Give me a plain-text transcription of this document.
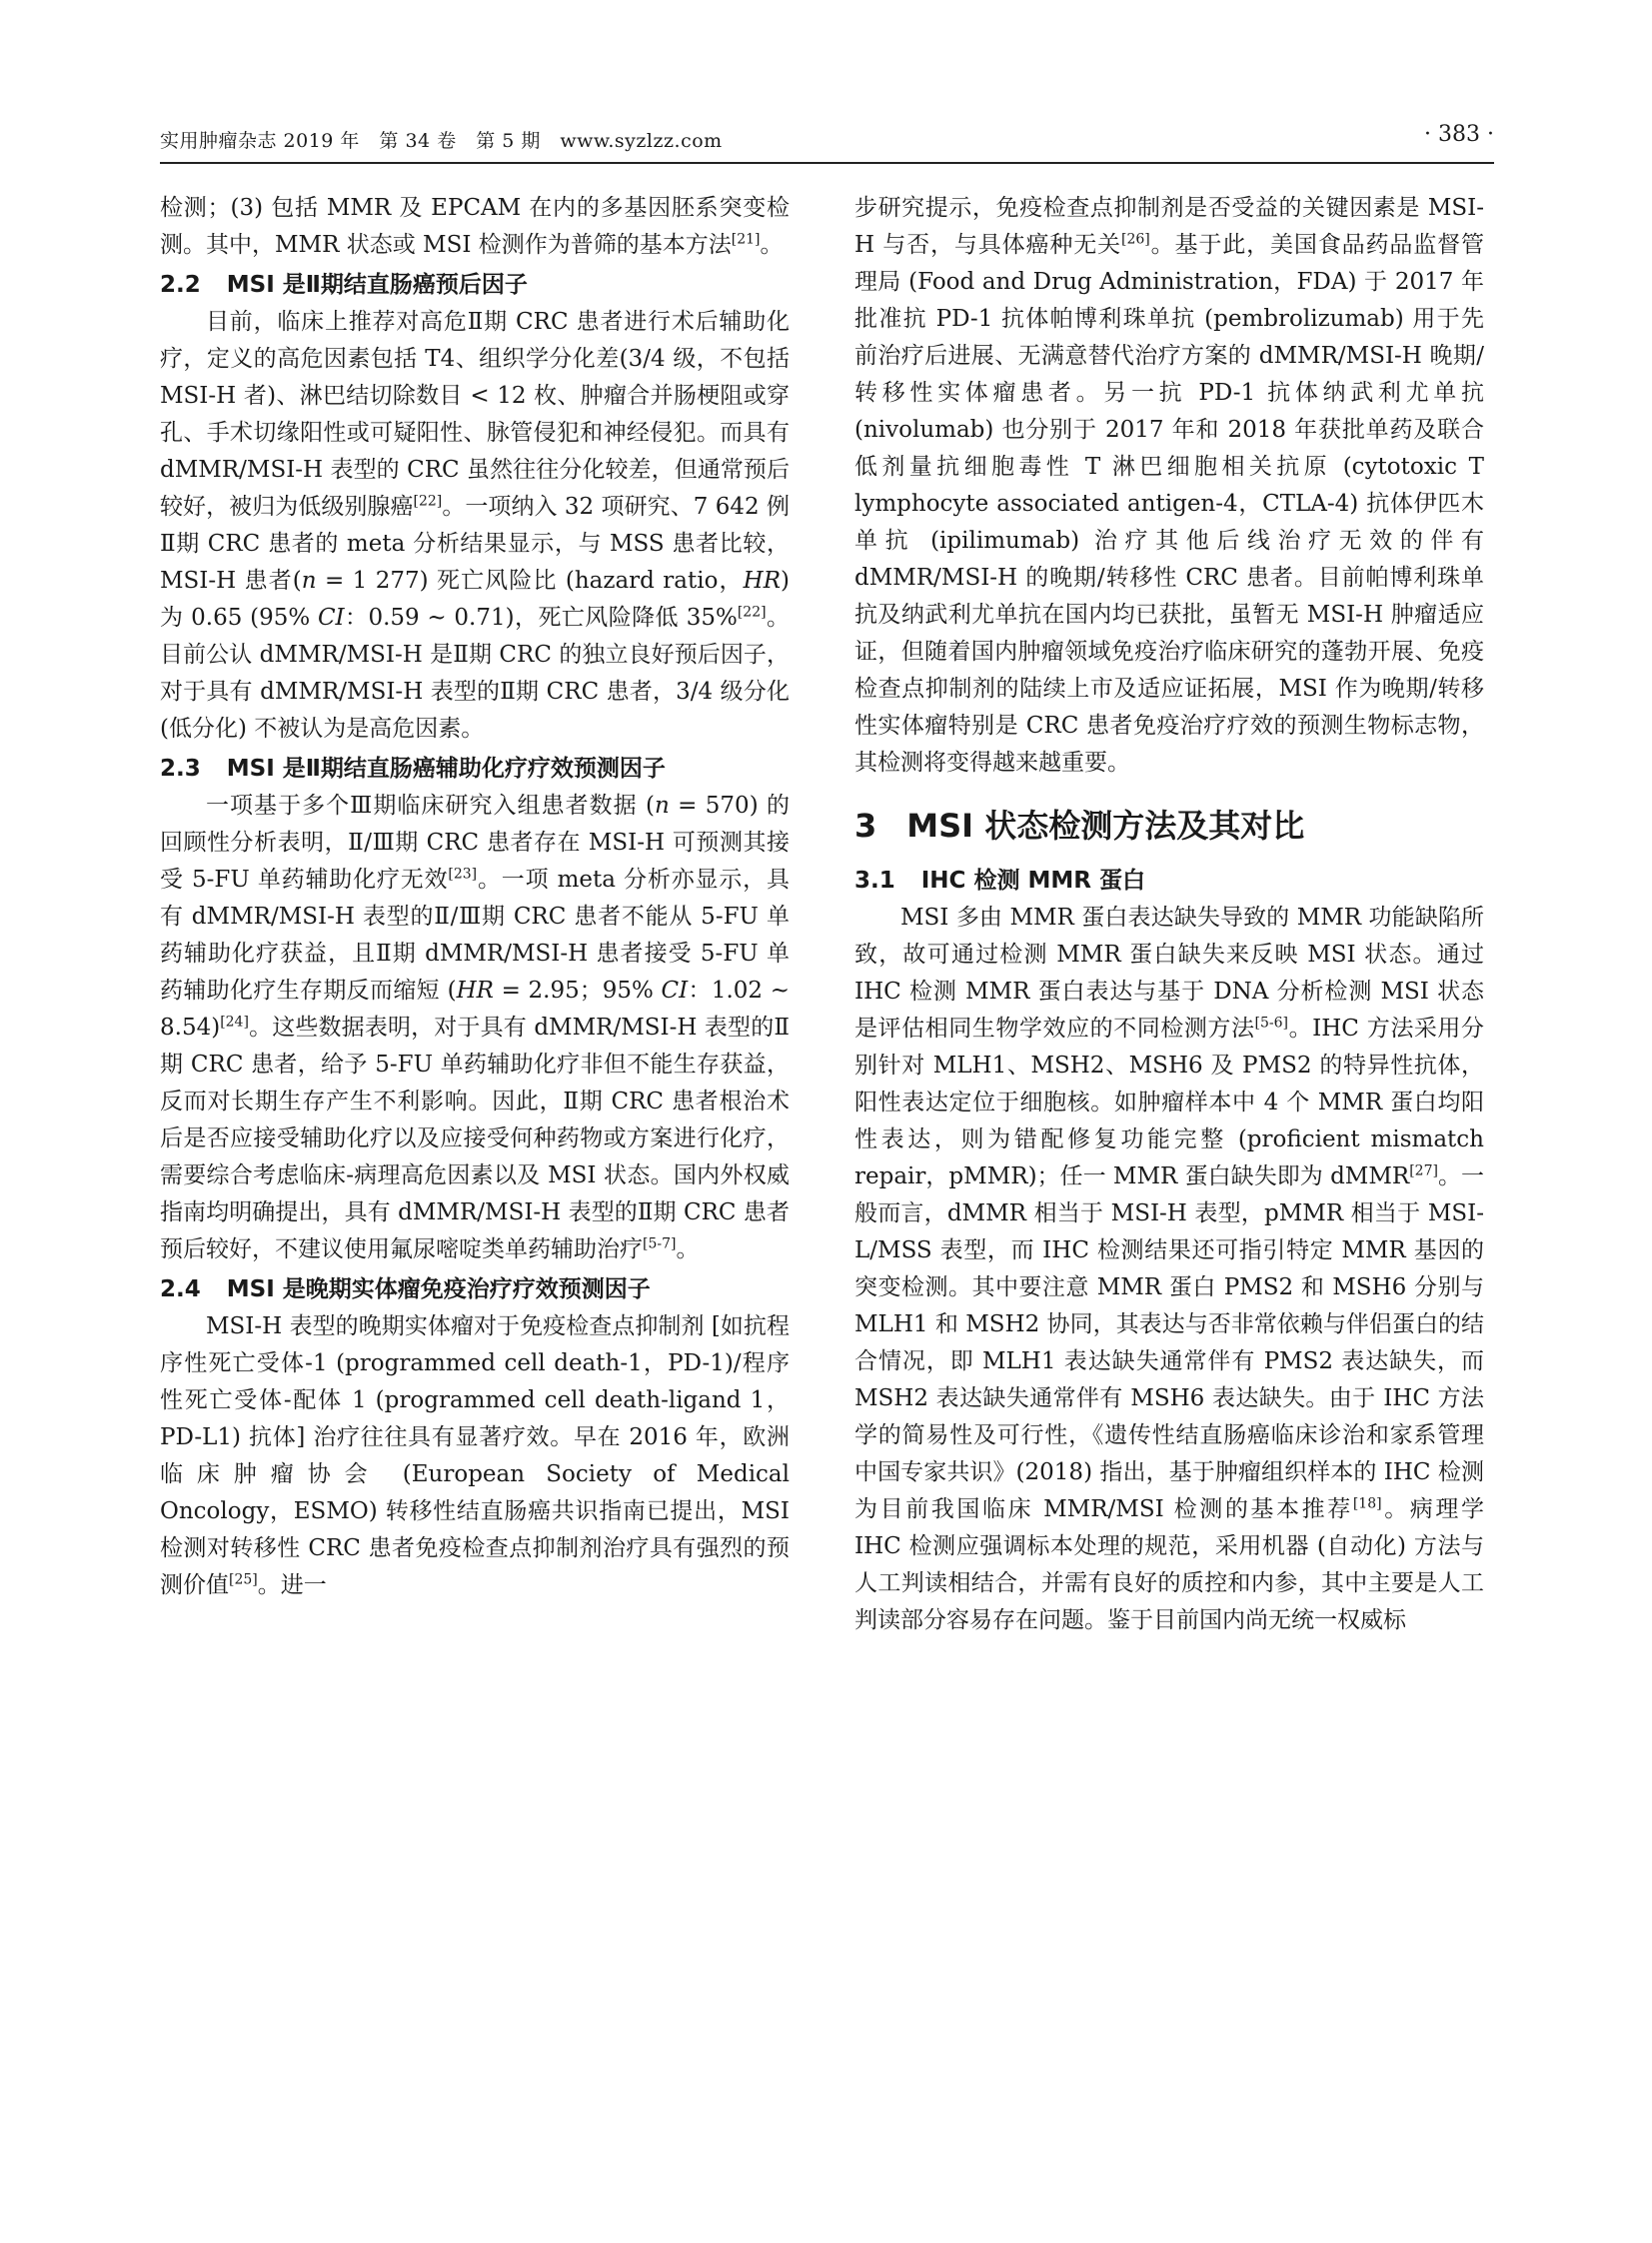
实用肿瘤杂志 2019 年　第 34 卷　第 5 期　www.syzlzz.com	· 383 ·

检测；(3) 包括 MMR 及 EPCAM 在内的多基因胚系突变检测。其中，MMR 状态或 MSI 检测作为普筛的基本方法[21]。

2.2 MSI 是Ⅱ期结直肠癌预后因子

目前，临床上推荐对高危Ⅱ期 CRC 患者进行术后辅助化疗，定义的高危因素包括 T4、组织学分化差(3/4 级，不包括 MSI-H 者)、淋巴结切除数目 < 12 枚、肿瘤合并肠梗阻或穿孔、手术切缘阳性或可疑阳性、脉管侵犯和神经侵犯。而具有 dMMR/MSI-H 表型的 CRC 虽然往往分化较差，但通常预后较好，被归为低级别腺癌[22]。一项纳入 32 项研究、7 642 例Ⅱ期 CRC 患者的 meta 分析结果显示，与 MSS 患者比较，MSI-H 患者(n = 1 277) 死亡风险比 (hazard ratio，HR) 为 0.65 (95% CI：0.59 ~ 0.71)，死亡风险降低 35%[22]。目前公认 dMMR/MSI-H 是Ⅱ期 CRC 的独立良好预后因子，对于具有 dMMR/MSI-H 表型的Ⅱ期 CRC 患者，3/4 级分化 (低分化) 不被认为是高危因素。

2.3 MSI 是Ⅱ期结直肠癌辅助化疗疗效预测因子

一项基于多个Ⅲ期临床研究入组患者数据 (n = 570) 的回顾性分析表明，Ⅱ/Ⅲ期 CRC 患者存在 MSI-H 可预测其接受 5-FU 单药辅助化疗无效[23]。一项 meta 分析亦显示，具有 dMMR/MSI-H 表型的Ⅱ/Ⅲ期 CRC 患者不能从 5-FU 单药辅助化疗获益，且Ⅱ期 dMMR/MSI-H 患者接受 5-FU 单药辅助化疗生存期反而缩短 (HR = 2.95；95% CI：1.02 ~ 8.54)[24]。这些数据表明，对于具有 dMMR/MSI-H 表型的Ⅱ期 CRC 患者，给予 5-FU 单药辅助化疗非但不能生存获益，反而对长期生存产生不利影响。因此，Ⅱ期 CRC 患者根治术后是否应接受辅助化疗以及应接受何种药物或方案进行化疗，需要综合考虑临床-病理高危因素以及 MSI 状态。国内外权威指南均明确提出，具有 dMMR/MSI-H 表型的Ⅱ期 CRC 患者预后较好，不建议使用氟尿嘧啶类单药辅助治疗[5-7]。

2.4 MSI 是晚期实体瘤免疫治疗疗效预测因子

MSI-H 表型的晚期实体瘤对于免疫检查点抑制剂 [如抗程序性死亡受体-1 (programmed cell death-1，PD-1)/程序性死亡受体-配体 1 (programmed cell death-ligand 1，PD-L1) 抗体] 治疗往往具有显著疗效。早在 2016 年，欧洲临床肿瘤协会 (European Society of Medical Oncology，ESMO) 转移性结直肠癌共识指南已提出，MSI 检测对转移性 CRC 患者免疫检查点抑制剂治疗具有强烈的预测价值[25]。进一

步研究提示，免疫检查点抑制剂是否受益的关键因素是 MSI-H 与否，与具体癌种无关[26]。基于此，美国食品药品监督管理局 (Food and Drug Administration，FDA) 于 2017 年批准抗 PD-1 抗体帕博利珠单抗 (pembrolizumab) 用于先前治疗后进展、无满意替代治疗方案的 dMMR/MSI-H 晚期/转移性实体瘤患者。另一抗 PD-1 抗体纳武利尤单抗 (nivolumab) 也分别于 2017 年和 2018 年获批单药及联合低剂量抗细胞毒性 T 淋巴细胞相关抗原 (cytotoxic T lymphocyte associated antigen-4，CTLA-4) 抗体伊匹木单抗 (ipilimumab) 治疗其他后线治疗无效的伴有 dMMR/MSI-H 的晚期/转移性 CRC 患者。目前帕博利珠单抗及纳武利尤单抗在国内均已获批，虽暂无 MSI-H 肿瘤适应证，但随着国内肿瘤领域免疫治疗临床研究的蓬勃开展、免疫检查点抑制剂的陆续上市及适应证拓展，MSI 作为晚期/转移性实体瘤特别是 CRC 患者免疫治疗疗效的预测生物标志物，其检测将变得越来越重要。

3 MSI 状态检测方法及其对比
3.1 IHC 检测 MMR 蛋白

MSI 多由 MMR 蛋白表达缺失导致的 MMR 功能缺陷所致，故可通过检测 MMR 蛋白缺失来反映 MSI 状态。通过 IHC 检测 MMR 蛋白表达与基于 DNA 分析检测 MSI 状态是评估相同生物学效应的不同检测方法[5-6]。IHC 方法采用分别针对 MLH1、MSH2、MSH6 及 PMS2 的特异性抗体，阳性表达定位于细胞核。如肿瘤样本中 4 个 MMR 蛋白均阳性表达，则为错配修复功能完整 (proficient mismatch repair，pMMR)；任一 MMR 蛋白缺失即为 dMMR[27]。一般而言，dMMR 相当于 MSI-H 表型，pMMR 相当于 MSI-L/MSS 表型，而 IHC 检测结果还可指引特定 MMR 基因的突变检测。其中要注意 MMR 蛋白 PMS2 和 MSH6 分别与 MLH1 和 MSH2 协同，其表达与否非常依赖与伴侣蛋白的结合情况，即 MLH1 表达缺失通常伴有 PMS2 表达缺失，而 MSH2 表达缺失通常伴有 MSH6 表达缺失。由于 IHC 方法学的简易性及可行性，《遗传性结直肠癌临床诊治和家系管理中国专家共识》(2018) 指出，基于肿瘤组织样本的 IHC 检测为目前我国临床 MMR/MSI 检测的基本推荐[18]。病理学 IHC 检测应强调标本处理的规范，采用机器 (自动化) 方法与人工判读相结合，并需有良好的质控和内参，其中主要是人工判读部分容易存在问题。鉴于目前国内尚无统一权威标
